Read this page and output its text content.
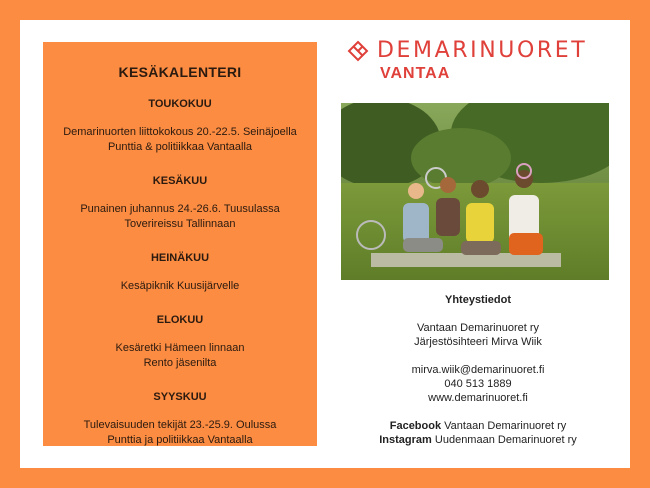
KESÄKALENTERI
TOUKOKUU
Demarinuorten liittokokous 20.-22.5. Seinäjoella
Punttia & politiikkaa Vantaalla
KESÄKUU
Punainen juhannus 24.-26.6. Tuusulassa
Toverireissu Tallinnaan
HEINÄKUU
Kesäpiknik Kuusijärvelle
ELOKUU
Kesäretki Hämeen linnaan
Rento jäsenilta
SYYSKUU
Tulevaisuuden tekijät 23.-25.9. Oulussa
Punttia ja politiikkaa Vantaalla
DEMARINUORET
VANTAA
Yhteystiedot
Vantaan Demarinuoret ry
Järjestösihteeri Mirva Wiik
mirva.wiik@demarinuoret.fi
040 513 1889
www.demarinuoret.fi
Facebook Vantaan Demarinuoret ry
Instagram Uudenmaan Demarinuoret ry
